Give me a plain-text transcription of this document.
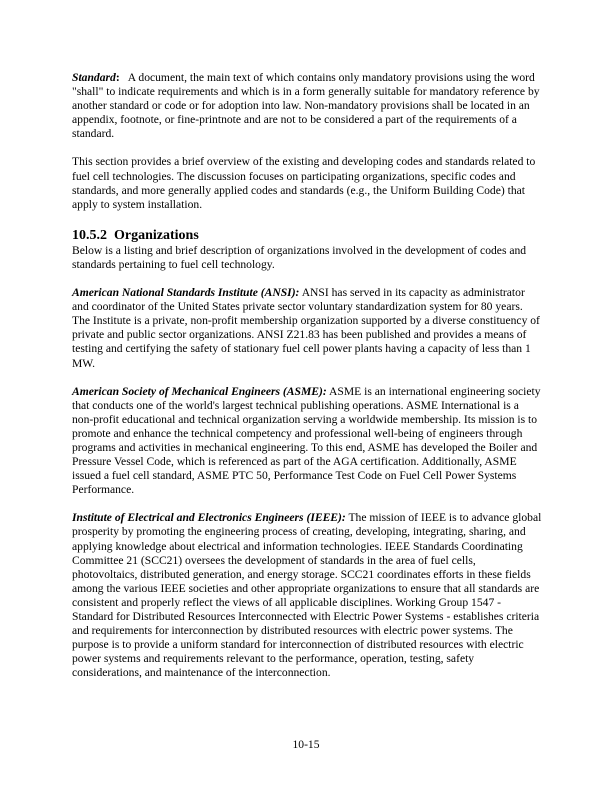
Standard: A document, the main text of which contains only mandatory provisions using the word "shall" to indicate requirements and which is in a form generally suitable for mandatory reference by another standard or code or for adoption into law. Non-mandatory provisions shall be located in an appendix, footnote, or fine-printnote and are not to be considered a part of the requirements of a standard.

This section provides a brief overview of the existing and developing codes and standards related to fuel cell technologies. The discussion focuses on participating organizations, specific codes and standards, and more generally applied codes and standards (e.g., the Uniform Building Code) that apply to system installation.

10.5.2 Organizations

Below is a listing and brief description of organizations involved in the development of codes and standards pertaining to fuel cell technology.

American National Standards Institute (ANSI): ANSI has served in its capacity as administrator and coordinator of the United States private sector voluntary standardization system for 80 years. The Institute is a private, non-profit membership organization supported by a diverse constituency of private and public sector organizations. ANSI Z21.83 has been published and provides a means of testing and certifying the safety of stationary fuel cell power plants having a capacity of less than 1 MW.

American Society of Mechanical Engineers (ASME): ASME is an international engineering society that conducts one of the world's largest technical publishing operations. ASME International is a non-profit educational and technical organization serving a worldwide membership. Its mission is to promote and enhance the technical competency and professional well-being of engineers through programs and activities in mechanical engineering. To this end, ASME has developed the Boiler and Pressure Vessel Code, which is referenced as part of the AGA certification. Additionally, ASME issued a fuel cell standard, ASME PTC 50, Performance Test Code on Fuel Cell Power Systems Performance.

Institute of Electrical and Electronics Engineers (IEEE): The mission of IEEE is to advance global prosperity by promoting the engineering process of creating, developing, integrating, sharing, and applying knowledge about electrical and information technologies. IEEE Standards Coordinating Committee 21 (SCC21) oversees the development of standards in the area of fuel cells, photovoltaics, distributed generation, and energy storage. SCC21 coordinates efforts in these fields among the various IEEE societies and other appropriate organizations to ensure that all standards are consistent and properly reflect the views of all applicable disciplines. Working Group 1547 - Standard for Distributed Resources Interconnected with Electric Power Systems - establishes criteria and requirements for interconnection by distributed resources with electric power systems. The purpose is to provide a uniform standard for interconnection of distributed resources with electric power systems and requirements relevant to the performance, operation, testing, safety considerations, and maintenance of the interconnection.

10-15
